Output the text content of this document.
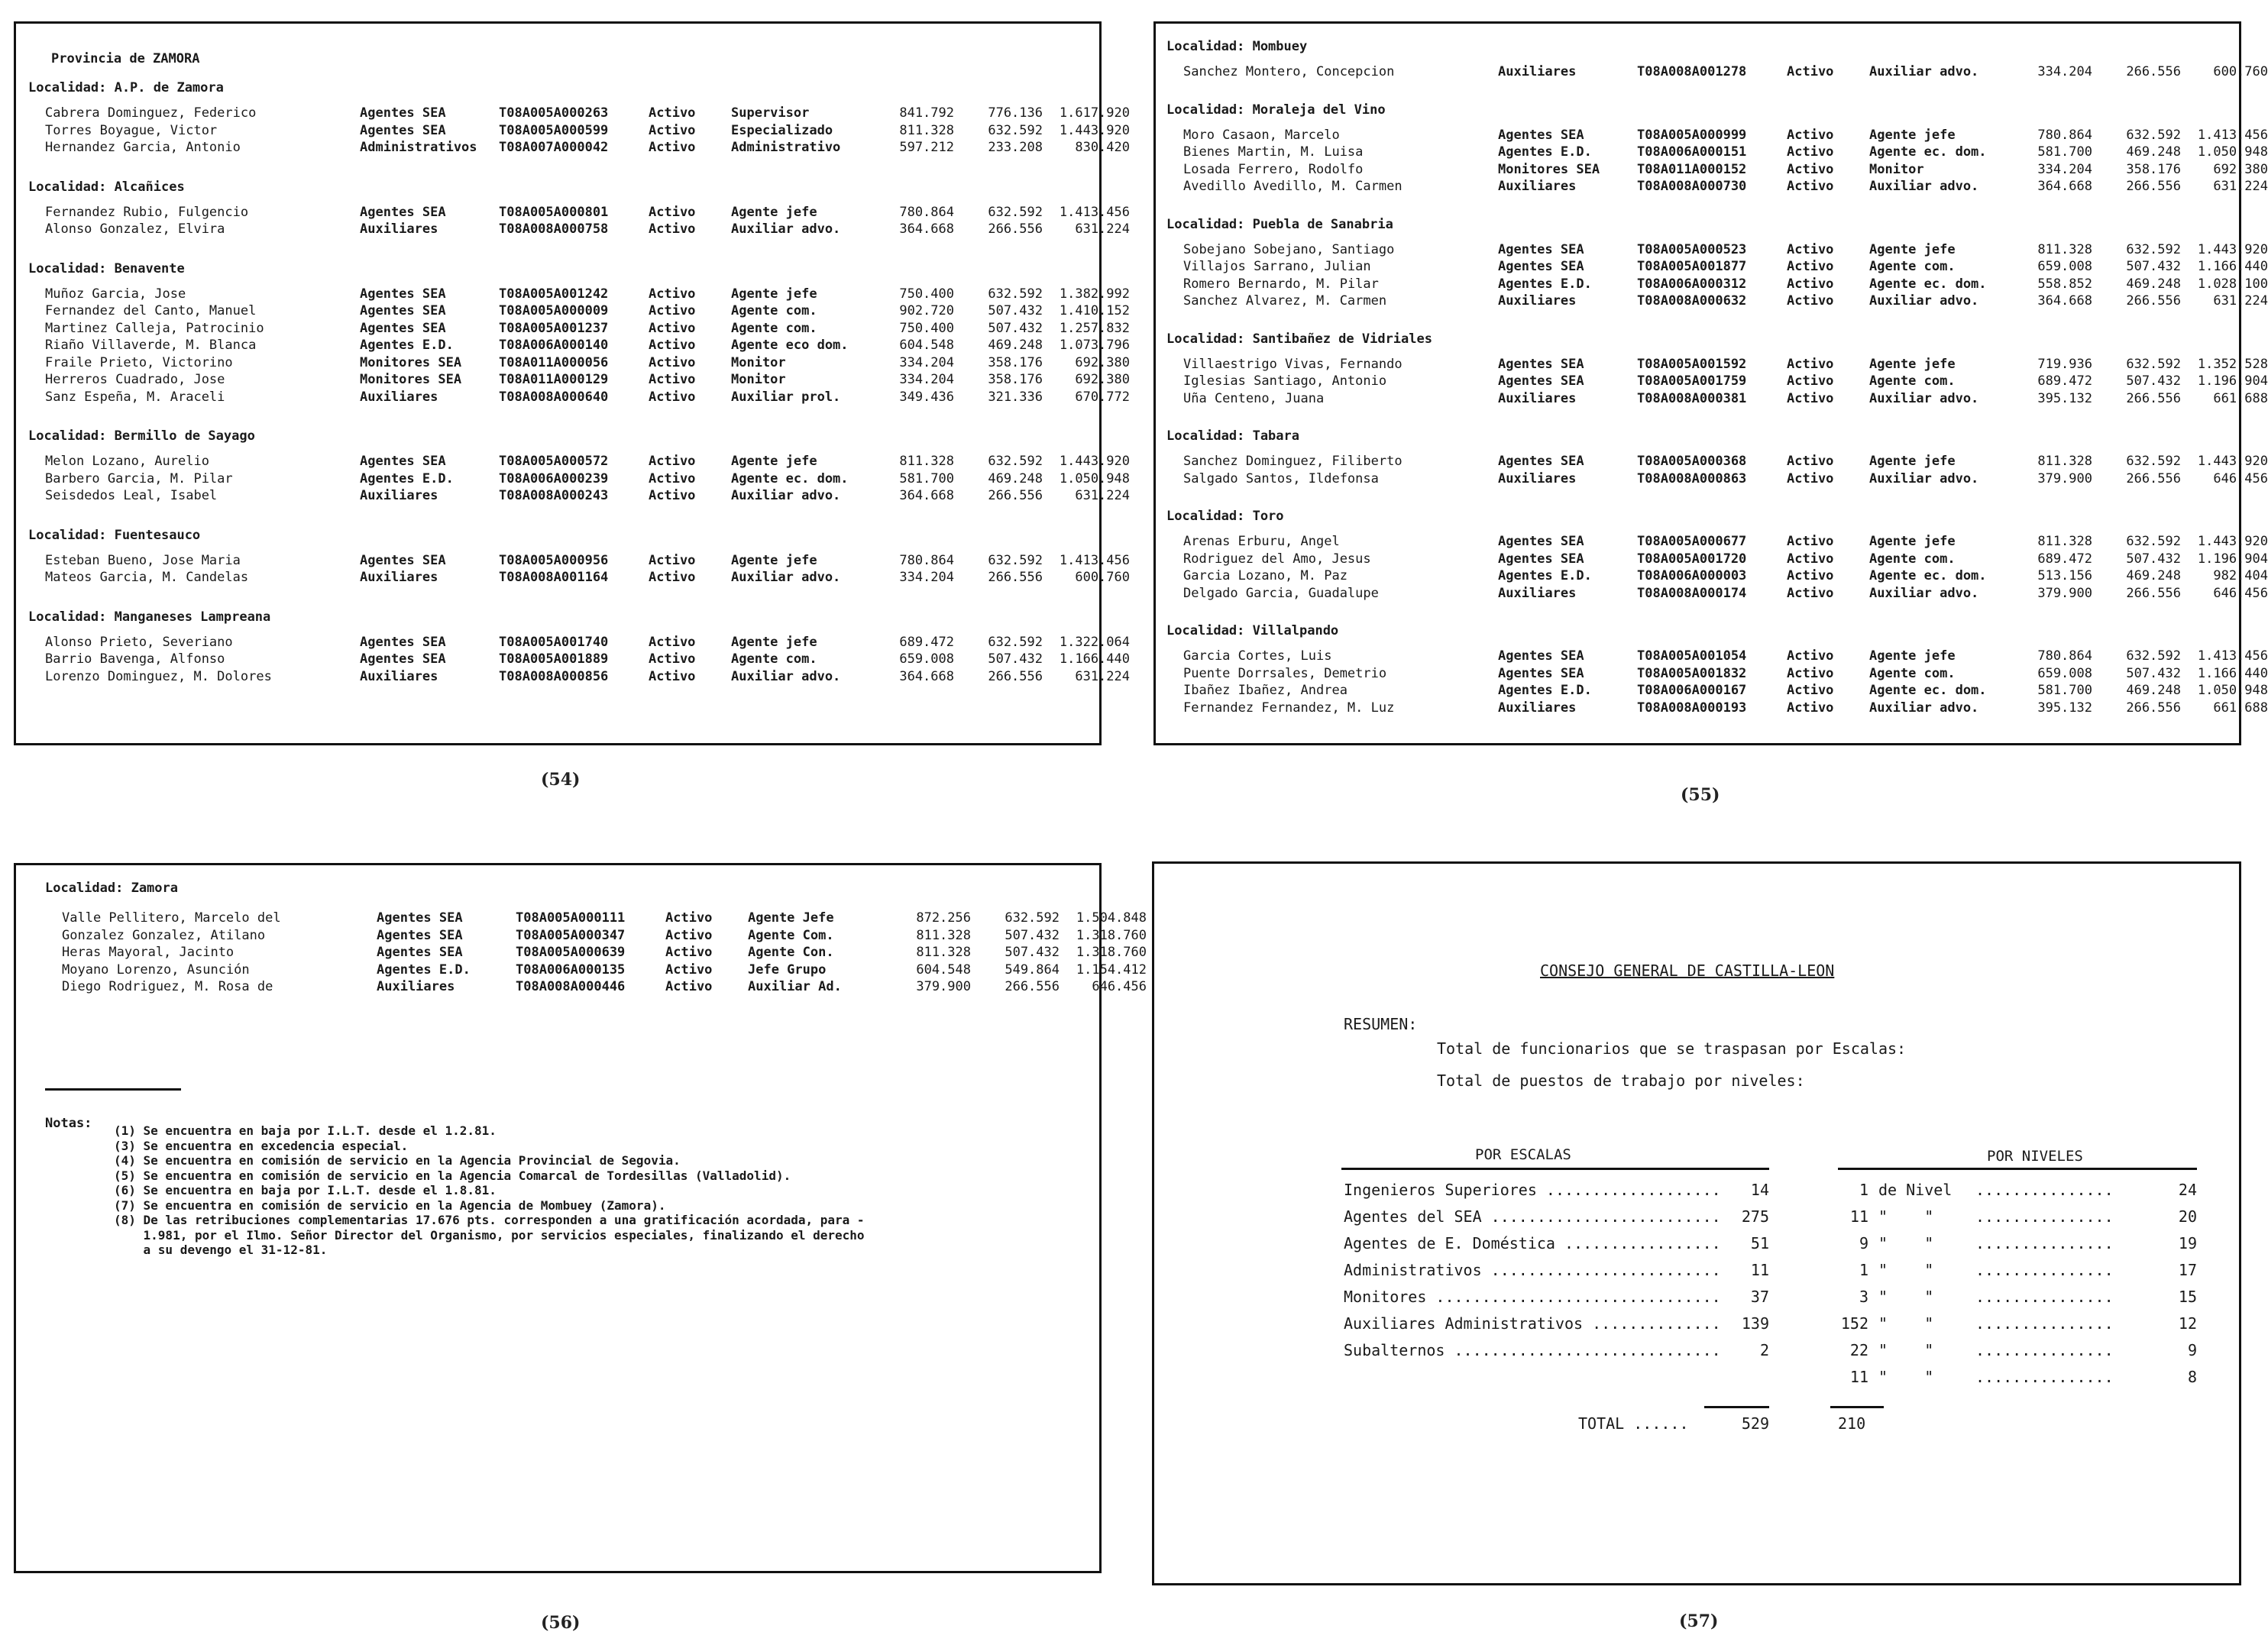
Provincia de ZAMORA
Localidad: A.P. de Zamora
Cabrera Dominguez, Federico	Agentes SEA	T08A005A000263	Activo	Supervisor	841.792	776.136	1.617.920
Torres Boyague, Victor	Agentes SEA	T08A005A000599	Activo	Especializado	811.328	632.592	1.443.920
Hernandez Garcia, Antonio	Administrativos T08A007A000042	Activo	Administrativo	597.212	233.208	830.420
Localidad: Alcañices
Fernandez Rubio, Fulgencio	Agentes SEA	T08A005A000801	Activo	Agente jefe	780.864	632.592	1.413.456
Alonso Gonzalez, Elvira	Auxiliares	T08A008A000758	Activo	Auxiliar advo.	364.668	266.556	631.224
Localidad: Benavente
Muñoz Garcia, Jose	Agentes SEA	T08A005A001242	Activo	Agente jefe	750.400	632.592	1.382.992
Fernandez del Canto, Manuel	Agentes SEA	T08A005A000009	Activo	Agente com.	902.720	507.432	1.410.152
Martinez Calleja, Patrocinio	Agentes SEA	T08A005A001237	Activo	Agente com.	750.400	507.432	1.257.832
Riaño Villaverde, M. Blanca	Agentes E.D.	T08A006A000140	Activo	Agente eco dom.	604.548	469.248	1.073.796
Fraile Prieto, Victorino	Monitores SEA	T08A011A000056	Activo	Monitor	334.204	358.176	692.380
Herreros Cuadrado, Jose	Monitores SEA	T08A011A000129	Activo	Monitor	334.204	358.176	692.380
Sanz Espeña, M. Araceli	Auxiliares	T08A008A000640	Activo	Auxiliar prol.	349.436	321.336	670.772
Localidad: Bermillo de Sayago
Melon Lozano, Aurelio	Agentes SEA	T08A005A000572	Activo	Agente jefe	811.328	632.592	1.443.920
Barbero Garcia, M. Pilar	Agentes E.D.	T08A006A000239	Activo	Agente ec. dom.	581.700	469.248	1.050.948
Seisdedos Leal, Isabel	Auxiliares	T08A008A000243	Activo	Auxiliar advo.	364.668	266.556	631.224
Localidad: Fuentesauco
Esteban Bueno, Jose Maria	Agentes SEA	T08A005A000956	Activo	Agente jefe	780.864	632.592	1.413.456
Mateos Garcia, M. Candelas	Auxiliares	T08A008A001164	Activo	Auxiliar advo.	334.204	266.556	600.760
Localidad: Manganeses Lampreana
Alonso Prieto, Severiano	Agentes SEA	T08A005A001740	Activo	Agente jefe	689.472	632.592	1.322.064
Barrio Bavenga, Alfonso	Agentes SEA	T08A005A001889	Activo	Agente com.	659.008	507.432	1.166.440
Lorenzo Dominguez, M. Dolores	Auxiliares	T08A008A000856	Activo	Auxiliar advo.	364.668	266.556	631.224
(54)
Localidad: Mombuey
Sanchez Montero, Concepcion	Auxiliares	T08A008A001278	Activo	Auxiliar advo.	334.204	266.556	600.760
Localidad: Moraleja del Vino
Moro Casaon, Marcelo	Agentes SEA	T08A005A000999	Activo	Agente jefe	780.864	632.592	1.413.456
Bienes Martin, M. Luisa	Agentes E.D.	T08A006A000151	Activo	Agente ec. dom.	581.700	469.248	1.050.948
Losada Ferrero, Rodolfo	Monitores SEA	T08A011A000152	Activo	Monitor	334.204	358.176	692.380
Avedillo Avedillo, M. Carmen	Auxiliares	T08A008A000730	Activo	Auxiliar advo.	364.668	266.556	631.224
Localidad: Puebla de Sanabria
Sobejano Sobejano, Santiago	Agentes SEA	T08A005A000523	Activo	Agente jefe	811.328	632.592	1.443.920
Villajos Sarrano, Julian	Agentes SEA	T08A005A001877	Activo	Agente com.	659.008	507.432	1.166.440
Romero Bernardo, M. Pilar	Agentes E.D.	T08A006A000312	Activo	Agente ec. dom.	558.852	469.248	1.028.100
Sanchez Alvarez, M. Carmen	Auxiliares	T08A008A000632	Activo	Auxiliar advo.	364.668	266.556	631.224
Localidad: Santibañez de Vidriales
Villaestrigo Vivas, Fernando	Agentes SEA	T08A005A001592	Activo	Agente jefe	719.936	632.592	1.352.528
Iglesias Santiago, Antonio	Agentes SEA	T08A005A001759	Activo	Agente com.	689.472	507.432	1.196.904
Uña Centeno, Juana	Auxiliares	T08A008A000381	Activo	Auxiliar advo.	395.132	266.556	661.688
Localidad: Tabara
Sanchez Dominguez, Filiberto	Agentes SEA	T08A005A000368	Activo	Agente jefe	811.328	632.592	1.443.920
Salgado Santos, Ildefonsa	Auxiliares	T08A008A000863	Activo	Auxiliar advo.	379.900	266.556	646.456
Localidad: Toro
Arenas Erburu, Angel	Agentes SEA	T08A005A000677	Activo	Agente jefe	811.328	632.592	1.443.920
Rodriguez del Amo, Jesus	Agentes SEA	T08A005A001720	Activo	Agente com.	689.472	507.432	1.196.904
Garcia Lozano, M. Paz	Agentes E.D.	T08A006A000003	Activo	Agente ec. dom.	513.156	469.248	982.404
Delgado Garcia, Guadalupe	Auxiliares	T08A008A000174	Activo	Auxiliar advo.	379.900	266.556	646.456
Localidad: Villalpando
Garcia Cortes, Luis	Agentes SEA	T08A005A001054	Activo	Agente jefe	780.864	632.592	1.413.456
Puente Dorrsales, Demetrio	Agentes SEA	T08A005A001832	Activo	Agente com.	659.008	507.432	1.166.440
Ibañez Ibañez, Andrea	Agentes E.D.	T08A006A000167	Activo	Agente ec. dom.	581.700	469.248	1.050.948
Fernandez Fernandez, M. Luz	Auxiliares	T08A008A000193	Activo	Auxiliar advo.	395.132	266.556	661.688
(55)
Localidad: Zamora
Valle Pellitero, Marcelo del	Agentes SEA	T08A005A000111	Activo	Agente Jefe	872.256	632.592	1.504.848
Gonzalez Gonzalez, Atilano	Agentes SEA	T08A005A000347	Activo	Agente Com.	811.328	507.432	1.318.760
Heras Mayoral, Jacinto	Agentes SEA	T08A005A000639	Activo	Agente Con.	811.328	507.432	1.318.760
Moyano Lorenzo, Asunción	Agentes E.D.	T08A006A000135	Activo	Jefe Grupo	604.548	549.864	1.154.412
Diego Rodriguez, M. Rosa de	Auxiliares	T08A008A000446	Activo	Auxiliar Ad.	379.900	266.556	646.456
Notas: (1) Se encuentra en baja por I.L.T. desde el 1.2.81.
(3) Se encuentra en excedencia especial.
(4) Se encuentra en comisión de servicio en la Agencia Provincial de Segovia.
(5) Se encuentra en comisión de servicio en la Agencia Comarcal de Tordesillas (Valladolid).
(6) Se encuentra en baja por I.L.T. desde el 1.8.81.
(7) Se encuentra en comisión de servicio en la Agencia de Mombuey (Zamora).
(8) De las retribuciones complementarias 17.676 pts. corresponden a una gratificación acordada, para -
1.981, por el Ilmo. Señor Director del Organismo, por servicios especiales, finalizando el derecho
a su devengo el 31-12-81.
(56)
CONSEJO GENERAL DE CASTILLA-LEON
RESUMEN:
Total de funcionarios que se traspasan por Escalas:
Total de puestos de trabajo por niveles:
POR ESCALAS	POR NIVELES
Ingenieros Superiores ...................	14
Agentes del SEA .........................	275
Agentes de E. Doméstica .................	51
Administrativos .........................	11
Monitores ...............................	37
Auxiliares Administrativos ..............	139
Subalternos .............................	2
1 de Nivel ...............	24
11 "    "	...............	20
9 "    "	...............	19
1 "    "	...............	17
3 "    "	...............	15
152 "    "	...............	12
22 "    "	...............	9
11 "    "	...............	8
TOTAL ......	529	210
(57)
